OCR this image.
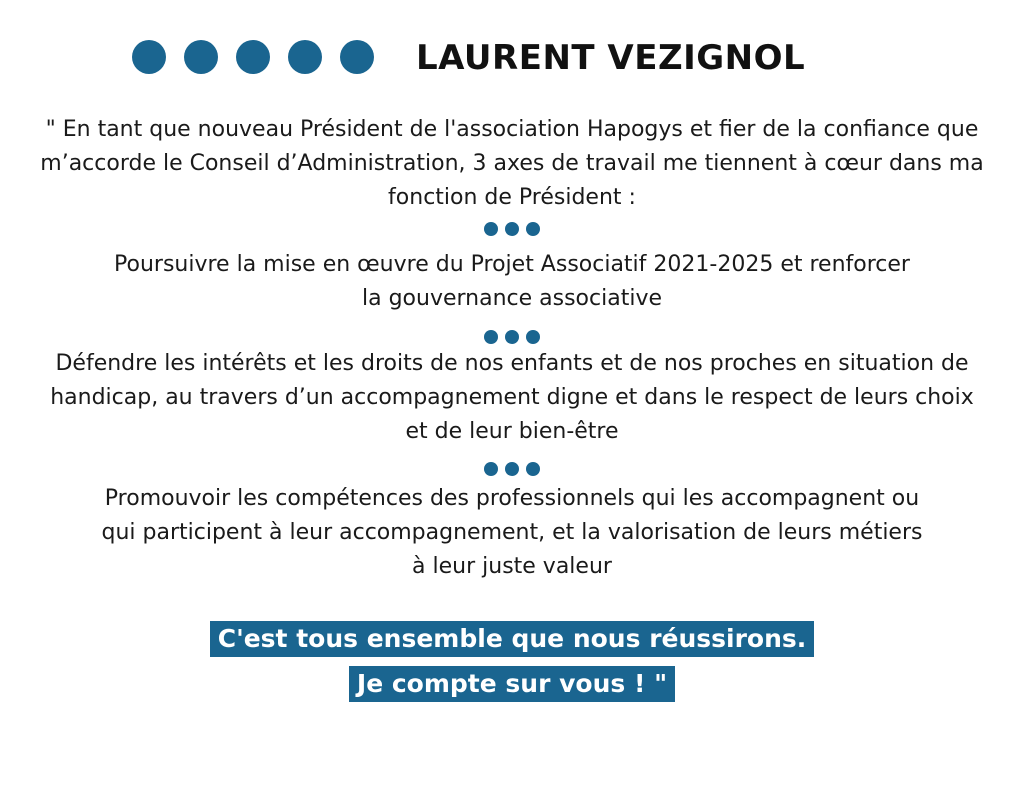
LAURENT VEZIGNOL

" En tant que nouveau Président de l'association Hapogys et fier de la confiance que m’accorde le Conseil d’Administration, 3 axes de travail me tiennent à cœur dans ma fonction de Président :

Poursuivre la mise en œuvre du Projet Associatif 2021-2025 et renforcer la gouvernance associative

Défendre les intérêts et les droits de nos enfants et de nos proches en situation de handicap, au travers d’un accompagnement digne et dans le respect de leurs choix et de leur bien-être

Promouvoir les compétences des professionnels qui les accompagnent ou qui participent à leur accompagnement, et la valorisation de leurs métiers à leur juste valeur

C'est tous ensemble que nous réussirons.
Je compte sur vous ! "
